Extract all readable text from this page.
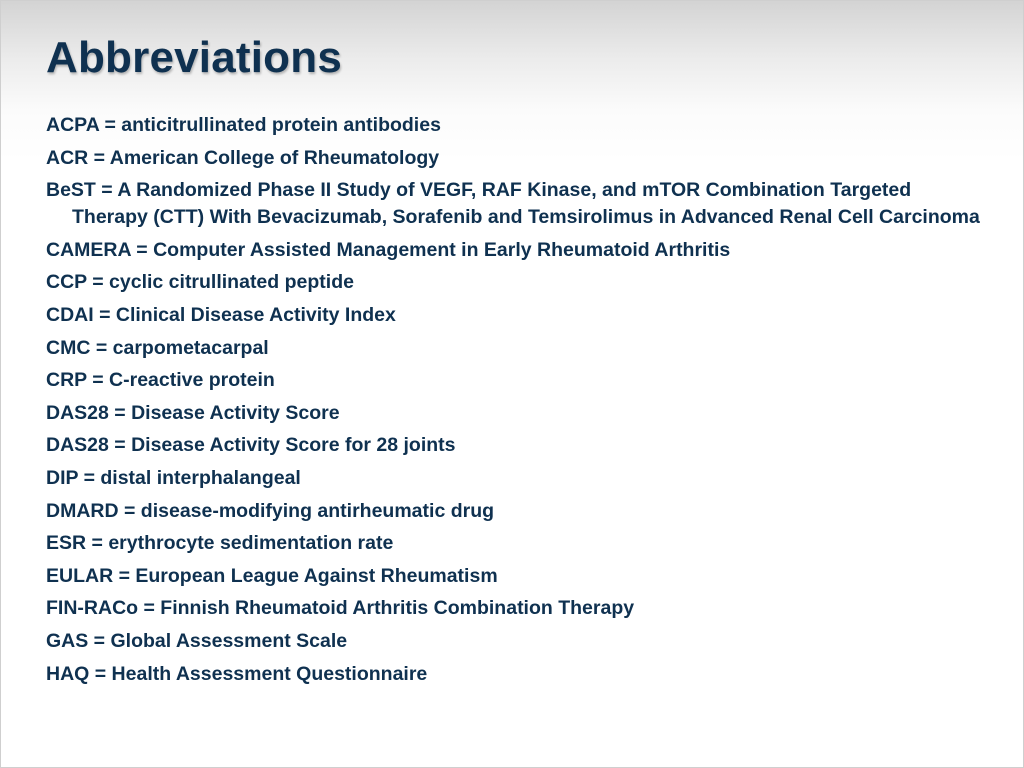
Abbreviations
ACPA = anticitrullinated protein antibodies
ACR = American College of Rheumatology
BeST = A Randomized Phase II Study of VEGF, RAF Kinase, and mTOR Combination Targeted Therapy (CTT) With Bevacizumab, Sorafenib and Temsirolimus in Advanced Renal Cell Carcinoma
CAMERA = Computer Assisted Management in Early Rheumatoid Arthritis
CCP = cyclic citrullinated peptide
CDAI = Clinical Disease Activity Index
CMC = carpometacarpal
CRP = C-reactive protein
DAS28 = Disease Activity Score
DAS28 = Disease Activity Score for 28 joints
DIP = distal interphalangeal
DMARD = disease-modifying antirheumatic drug
ESR = erythrocyte sedimentation rate
EULAR = European League Against Rheumatism
FIN-RACo = Finnish Rheumatoid Arthritis Combination Therapy
GAS = Global Assessment Scale
HAQ = Health Assessment Questionnaire
